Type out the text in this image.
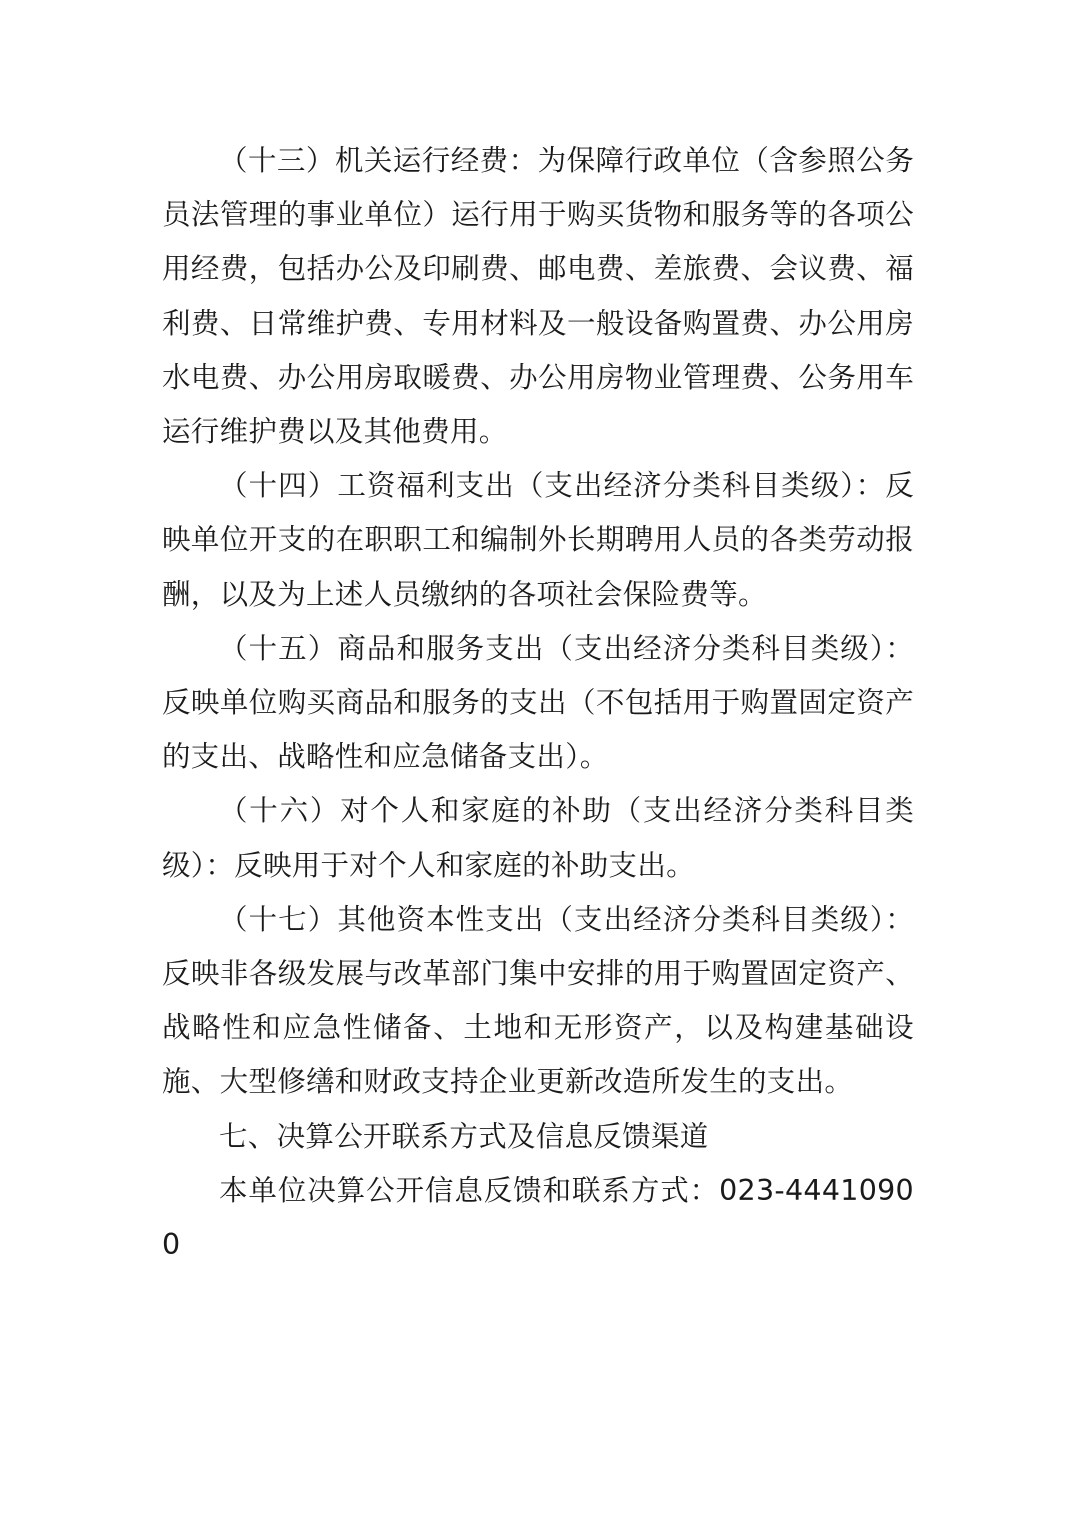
（十三）机关运行经费：为保障行政单位（含参照公务员法管理的事业单位）运行用于购买货物和服务等的各项公用经费，包括办公及印刷费、邮电费、差旅费、会议费、福利费、日常维护费、专用材料及一般设备购置费、办公用房水电费、办公用房取暖费、办公用房物业管理费、公务用车运行维护费以及其他费用。

（十四）工资福利支出（支出经济分类科目类级）：反映单位开支的在职职工和编制外长期聘用人员的各类劳动报酬，以及为上述人员缴纳的各项社会保险费等。

（十五）商品和服务支出（支出经济分类科目类级）：反映单位购买商品和服务的支出（不包括用于购置固定资产的支出、战略性和应急储备支出）。

（十六）对个人和家庭的补助（支出经济分类科目类级）：反映用于对个人和家庭的补助支出。

（十七）其他资本性支出（支出经济分类科目类级）：反映非各级发展与改革部门集中安排的用于购置固定资产、战略性和应急性储备、土地和无形资产，以及构建基础设施、大型修缮和财政支持企业更新改造所发生的支出。

七、决算公开联系方式及信息反馈渠道

本单位决算公开信息反馈和联系方式：023-44410900
